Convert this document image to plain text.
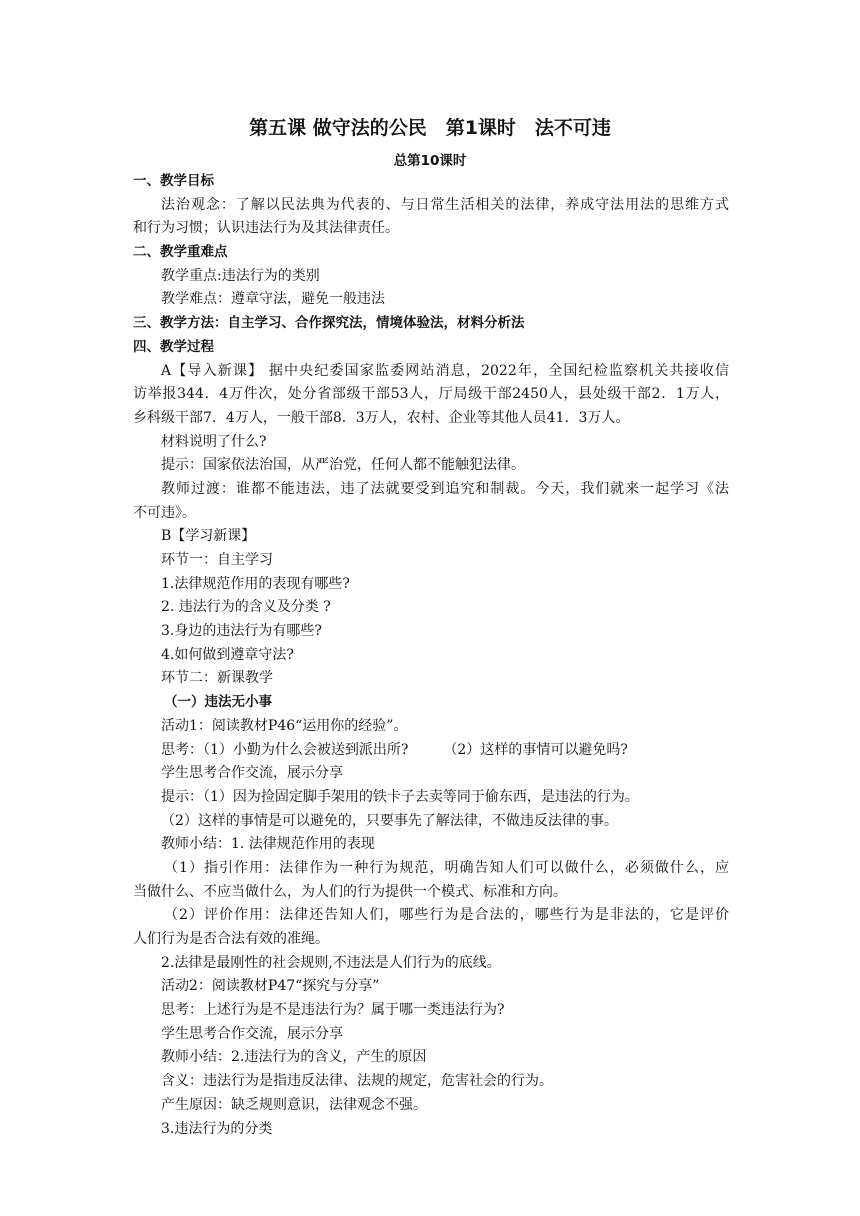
第五课 做守法的公民　第1课时　法不可违
总第10课时
一、教学目标
法治观念：了解以民法典为代表的、与日常生活相关的法律，养成守法用法的思维方式
和行为习惯；认识违法行为及其法律责任。
二、教学重难点
教学重点:违法行为的类别
教学难点：遵章守法，避免一般违法
三、教学方法：自主学习、合作探究法，情境体验法，材料分析法
四、教学过程
A【导入新课】 据中央纪委国家监委网站消息，2022年，全国纪检监察机关共接收信
访举报344．4万件次，处分省部级干部53人，厅局级干部2450人，县处级干部2．1万人，
乡科级干部7．4万人，一般干部8．3万人，农村、企业等其他人员41．3万人。
材料说明了什么?
提示：国家依法治国，从严治党，任何人都不能触犯法律。
教师过渡：谁都不能违法，违了法就要受到追究和制裁。今天，我们就来一起学习《法
不可违》。
B【学习新课】
环节一：自主学习
1.法律规范作用的表现有哪些?
2. 违法行为的含义及分类 ?
3.身边的违法行为有哪些?
4.如何做到遵章守法?
环节二：新课教学
（一）违法无小事
活动1：阅读教材P46“运用你的经验”。
思考：（1）小勤为什么会被送到派出所?　　　（2）这样的事情可以避免吗?
学生思考合作交流，展示分享
提示：（1）因为捡固定脚手架用的铁卡子去卖等同于偷东西，是违法的行为。
（2）这样的事情是可以避免的，只要事先了解法律，不做违反法律的事。
教师小结：1. 法律规范作用的表现
（1）指引作用：法律作为一种行为规范，明确告知人们可以做什么，必须做什么，应
当做什么、不应当做什么，为人们的行为提供一个模式、标准和方向。
（2）评价作用：法律还告知人们，哪些行为是合法的，哪些行为是非法的，它是评价
人们行为是否合法有效的准绳。
2.法律是最刚性的社会规则,不违法是人们行为的底线。
活动2：阅读教材P47“探究与分享”
思考：上述行为是不是违法行为？属于哪一类违法行为?
学生思考合作交流，展示分享
教师小结：2.违法行为的含义，产生的原因
含义：违法行为是指违反法律、法规的规定，危害社会的行为。
产生原因：缺乏规则意识，法律观念不强。
3.违法行为的分类
